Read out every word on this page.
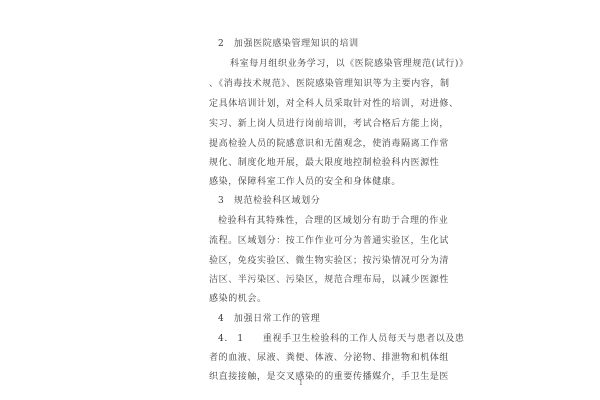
2　加强医院感染管理知识的培训
科室每月组织业务学习，以《医院感染管理规范(试行)》
、《消毒技术规范》、医院感染管理知识等为主要内容，制
定具体培训计划，对全科人员采取针对性的培训，对进修、
实习、新上岗人员进行岗前培训，考试合格后方能上岗，
提高检验人员的院感意识和无菌观念，使消毒隔离工作常
规化、制度化地开展，最大限度地控制检验科内医源性
感染，保障科室工作人员的安全和身体健康。
3　规范检验科区域划分
检验科有其特殊性，合理的区域划分有助于合理的作业
流程。区域划分：按工作作业可分为普通实验区，生化试
验区，免疫实验区、微生物实验区；按污染情况可分为清
洁区、半污染区、污染区，规范合理布局，以减少医源性
感染的机会。
4　加强日常工作的管理
4.　1　　重视手卫生检验科的工作人员每天与患者以及患
者的血液、尿液、粪便、体液、分泌物、排泄物和机体组
织直接接触，是交叉感染的的重要传播媒介，手卫生是医
1
